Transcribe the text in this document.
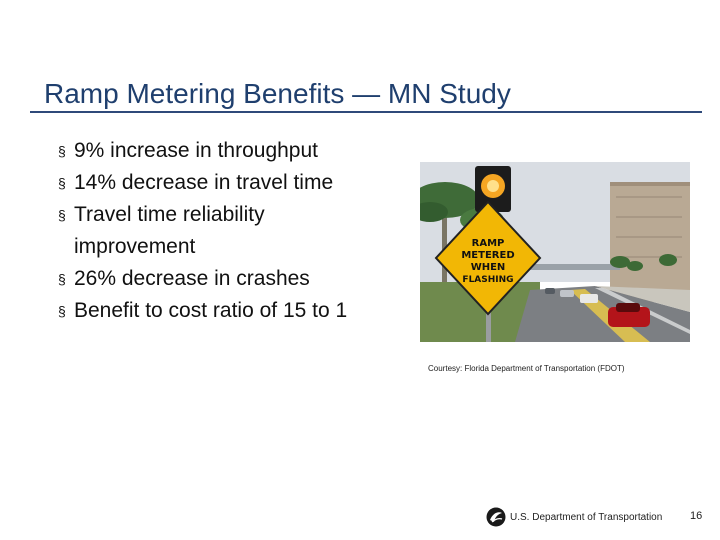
Ramp Metering Benefits — MN Study
§ 9% increase in throughput
§ 14% decrease in travel time
§ Travel time reliability improvement
§ 26% decrease in crashes
§ Benefit to cost ratio of 15 to 1
RAMP
METERED
WHEN
FLASHING
Courtesy: Florida Department of Transportation (FDOT)
U.S. Department of Transportation	16
